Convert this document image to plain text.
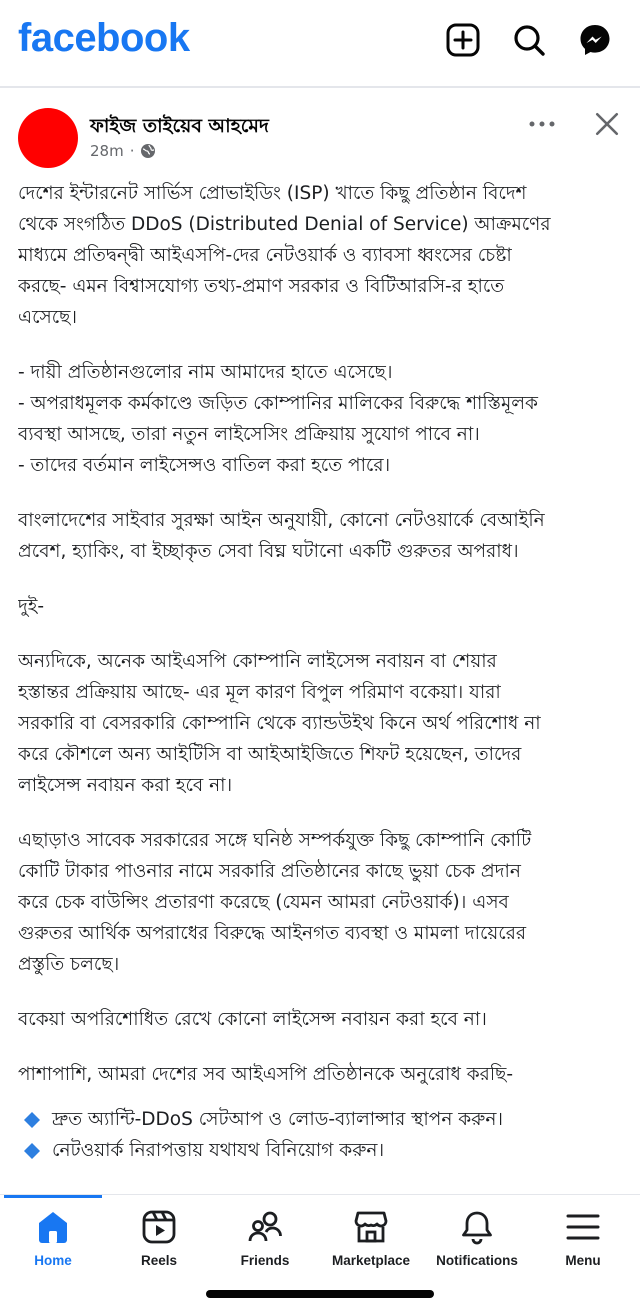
facebook
ফাইজ তাইয়েব আহমেদ
28m ·
দেশের ইন্টারনেট সার্ভিস প্রোভাইডিং (ISP) খাতে কিছু প্রতিষ্ঠান বিদেশ
থেকে সংগঠিত DDoS (Distributed Denial of Service) আক্রমণের
মাধ্যমে প্রতিদ্বন্দ্বী আইএসপি-দের নেটওয়ার্ক ও ব্যাবসা ধ্বংসের চেষ্টা
করছে- এমন বিশ্বাসযোগ্য তথ্য-প্রমাণ সরকার ও বিটিআরসি-র হাতে
এসেছে।
- দায়ী প্রতিষ্ঠানগুলোর নাম আমাদের হাতে এসেছে।
- অপরাধমূলক কর্মকাণ্ডে জড়িত কোম্পানির মালিকের বিরুদ্ধে শাস্তিমূলক
ব্যবস্থা আসছে, তারা নতুন লাইসেসিং প্রক্রিয়ায় সুযোগ পাবে না।
- তাদের বর্তমান লাইসেন্সও বাতিল করা হতে পারে।
বাংলাদেশের সাইবার সুরক্ষা আইন অনুযায়ী, কোনো নেটওয়ার্কে বেআইনি
প্রবেশ, হ্যাকিং, বা ইচ্ছাকৃত সেবা বিঘ্ন ঘটানো একটি গুরুতর অপরাধ।
দুই-
অন্যদিকে, অনেক আইএসপি কোম্পানি লাইসেন্স নবায়ন বা শেয়ার
হস্তান্তর প্রক্রিয়ায় আছে- এর মূল কারণ বিপুল পরিমাণ বকেয়া। যারা
সরকারি বা বেসরকারি কোম্পানি থেকে ব্যান্ডউইথ কিনে অর্থ পরিশোধ না
করে কৌশলে অন্য আইটিসি বা আইআইজিতে শিফট হয়েছেন, তাদের
লাইসেন্স নবায়ন করা হবে না।
এছাড়াও সাবেক সরকারের সঙ্গে ঘনিষ্ঠ সম্পর্কযুক্ত কিছু কোম্পানি কোটি
কোটি টাকার পাওনার নামে সরকারি প্রতিষ্ঠানের কাছে ভুয়া চেক প্রদান
করে চেক বাউন্সিং প্রতারণা করেছে (যেমন আমরা নেটওয়ার্ক)। এসব
গুরুতর আর্থিক অপরাধের বিরুদ্ধে আইনগত ব্যবস্থা ও মামলা দায়েরের
প্রস্তুতি চলছে।
বকেয়া অপরিশোধিত রেখে কোনো লাইসেন্স নবায়ন করা হবে না।
পাশাপাশি, আমরা দেশের সব আইএসপি প্রতিষ্ঠানকে অনুরোধ করছি-
দ্রুত অ্যান্টি-DDoS সেটআপ ও লোড-ব্যালান্সার স্থাপন করুন।
নেটওয়ার্ক নিরাপত্তায় যথাযথ বিনিয়োগ করুন।
Home	Reels	Friends	Marketplace Notifications	Menu
